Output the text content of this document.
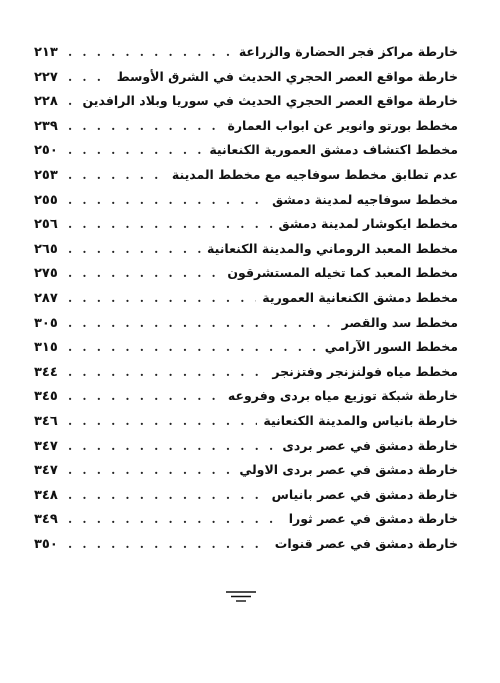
خارطة مراكز فجر الحضارة والزراعة
. . .
٢١٣
خارطة مواقع العصر الحجري الحديث في الشرق الأوسط
. . .
٢٢٧
خارطة مواقع العصر الحجري الحديث في سوريا وبلاد الرافدين
. . .
٢٢٨
مخطط بورتو وانوير عن ابواب العمارة
. . .
٢٣٩
مخطط اكتشاف دمشق العمورية الكنعانية
. . .
٢٥٠
عدم تطابق مخطط سوفاجيه مع مخطط المدينة
. . .
٢٥٣
مخطط سوفاجيه لمدينة دمشق
. . .
٢٥٥
مخطط ايكوشار لمدينة دمشق
. . .
٢٥٦
مخطط المعبد الروماني والمدينة الكنعانية
. . .
٢٦٥
مخطط المعبد كما تخيله المستشرقون
. . .
٢٧٥
مخطط دمشق الكنعانية العمورية
. . .
٢٨٧
مخطط سد والقصر
. . .
٣٠٥
مخطط السور الآرامي
. . .
٣١٥
مخطط مياه فولنزنجر وفتزنجر
. . .
٣٤٤
خارطة شبكة توزيع مياه بردى وفروعه
. . .
٣٤٥
خارطة بانياس والمدينة الكنعانية
. . .
٣٤٦
خارطة دمشق في عصر بردى
. . .
٣٤٧
خارطة دمشق في عصر بردى الاولي
. . .
٣٤٧
خارطة دمشق في عصر بانياس
. . .
٣٤٨
خارطة دمشق في عصر ثورا
. . .
٣٤٩
خارطة دمشق في عصر قنوات
. . .
٣٥٠
